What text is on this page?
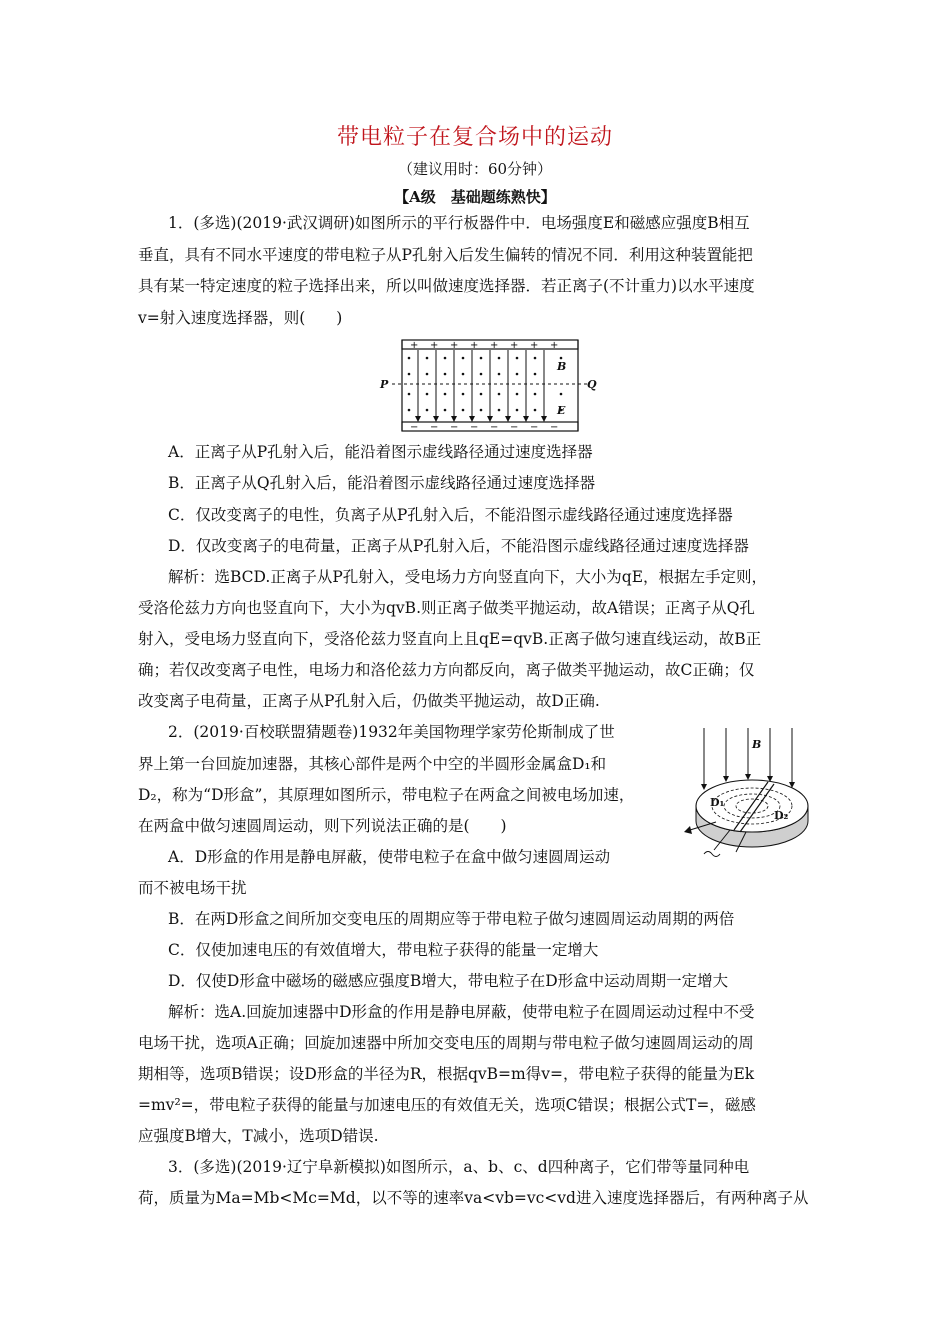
带电粒子在复合场中的运动
（建议用时：60分钟）
【A级　基础题练熟快】
1．(多选)(2019·武汉调研)如图所示的平行板器件中．电场强度E和磁感应强度B相互
垂直，具有不同水平速度的带电粒子从P孔射入后发生偏转的情况不同．利用这种装置能把
具有某一特定速度的粒子选择出来，所以叫做速度选择器．若正离子(不计重力)以水平速度
v=射入速度选择器，则(　　)
+ + + + + + + +
− − − − − − − −
P	Q
B
E
A．正离子从P孔射入后，能沿着图示虚线路径通过速度选择器
B．正离子从Q孔射入后，能沿着图示虚线路径通过速度选择器
C．仅改变离子的电性，负离子从P孔射入后，不能沿图示虚线路径通过速度选择器
D．仅改变离子的电荷量，正离子从P孔射入后，不能沿图示虚线路径通过速度选择器
解析：选BCD.正离子从P孔射入，受电场力方向竖直向下，大小为qE，根据左手定则，
受洛伦兹力方向也竖直向下，大小为qvB.则正离子做类平抛运动，故A错误；正离子从Q孔
射入，受电场力竖直向下，受洛伦兹力竖直向上且qE=qvB.正离子做匀速直线运动，故B正
确；若仅改变离子电性，电场力和洛伦兹力方向都反向，离子做类平抛运动，故C正确；仅
改变离子电荷量，正离子从P孔射入后，仍做类平抛运动，故D正确.
2．(2019·百校联盟猜题卷)1932年美国物理学家劳伦斯制成了世
界上第一台回旋加速器，其核心部件是两个中空的半圆形金属盒D₁和
D₂，称为“D形盒”，其原理如图所示，带电粒子在两盒之间被电场加速，
在两盒中做匀速圆周运动，则下列说法正确的是(　　)
B
D₁
D₂
A．D形盒的作用是静电屏蔽，使带电粒子在盒中做匀速圆周运动
而不被电场干扰
B．在两D形盒之间所加交变电压的周期应等于带电粒子做匀速圆周运动周期的两倍
C．仅使加速电压的有效值增大，带电粒子获得的能量一定增大
D．仅使D形盒中磁场的磁感应强度B增大，带电粒子在D形盒中运动周期一定增大
解析：选A.回旋加速器中D形盒的作用是静电屏蔽，使带电粒子在圆周运动过程中不受
电场干扰，选项A正确；回旋加速器中所加交变电压的周期与带电粒子做匀速圆周运动的周
期相等，选项B错误；设D形盒的半径为R，根据qvB=m得v=，带电粒子获得的能量为Ek
=mv²=，带电粒子获得的能量与加速电压的有效值无关，选项C错误；根据公式T=，磁感
应强度B增大，T减小，选项D错误.
3．(多选)(2019·辽宁阜新模拟)如图所示，a、b、c、d四种离子，它们带等量同种电
荷，质量为Ma=Mb<Mc=Md，以不等的速率va<vb=vc<vd进入速度选择器后，有两种离子从
